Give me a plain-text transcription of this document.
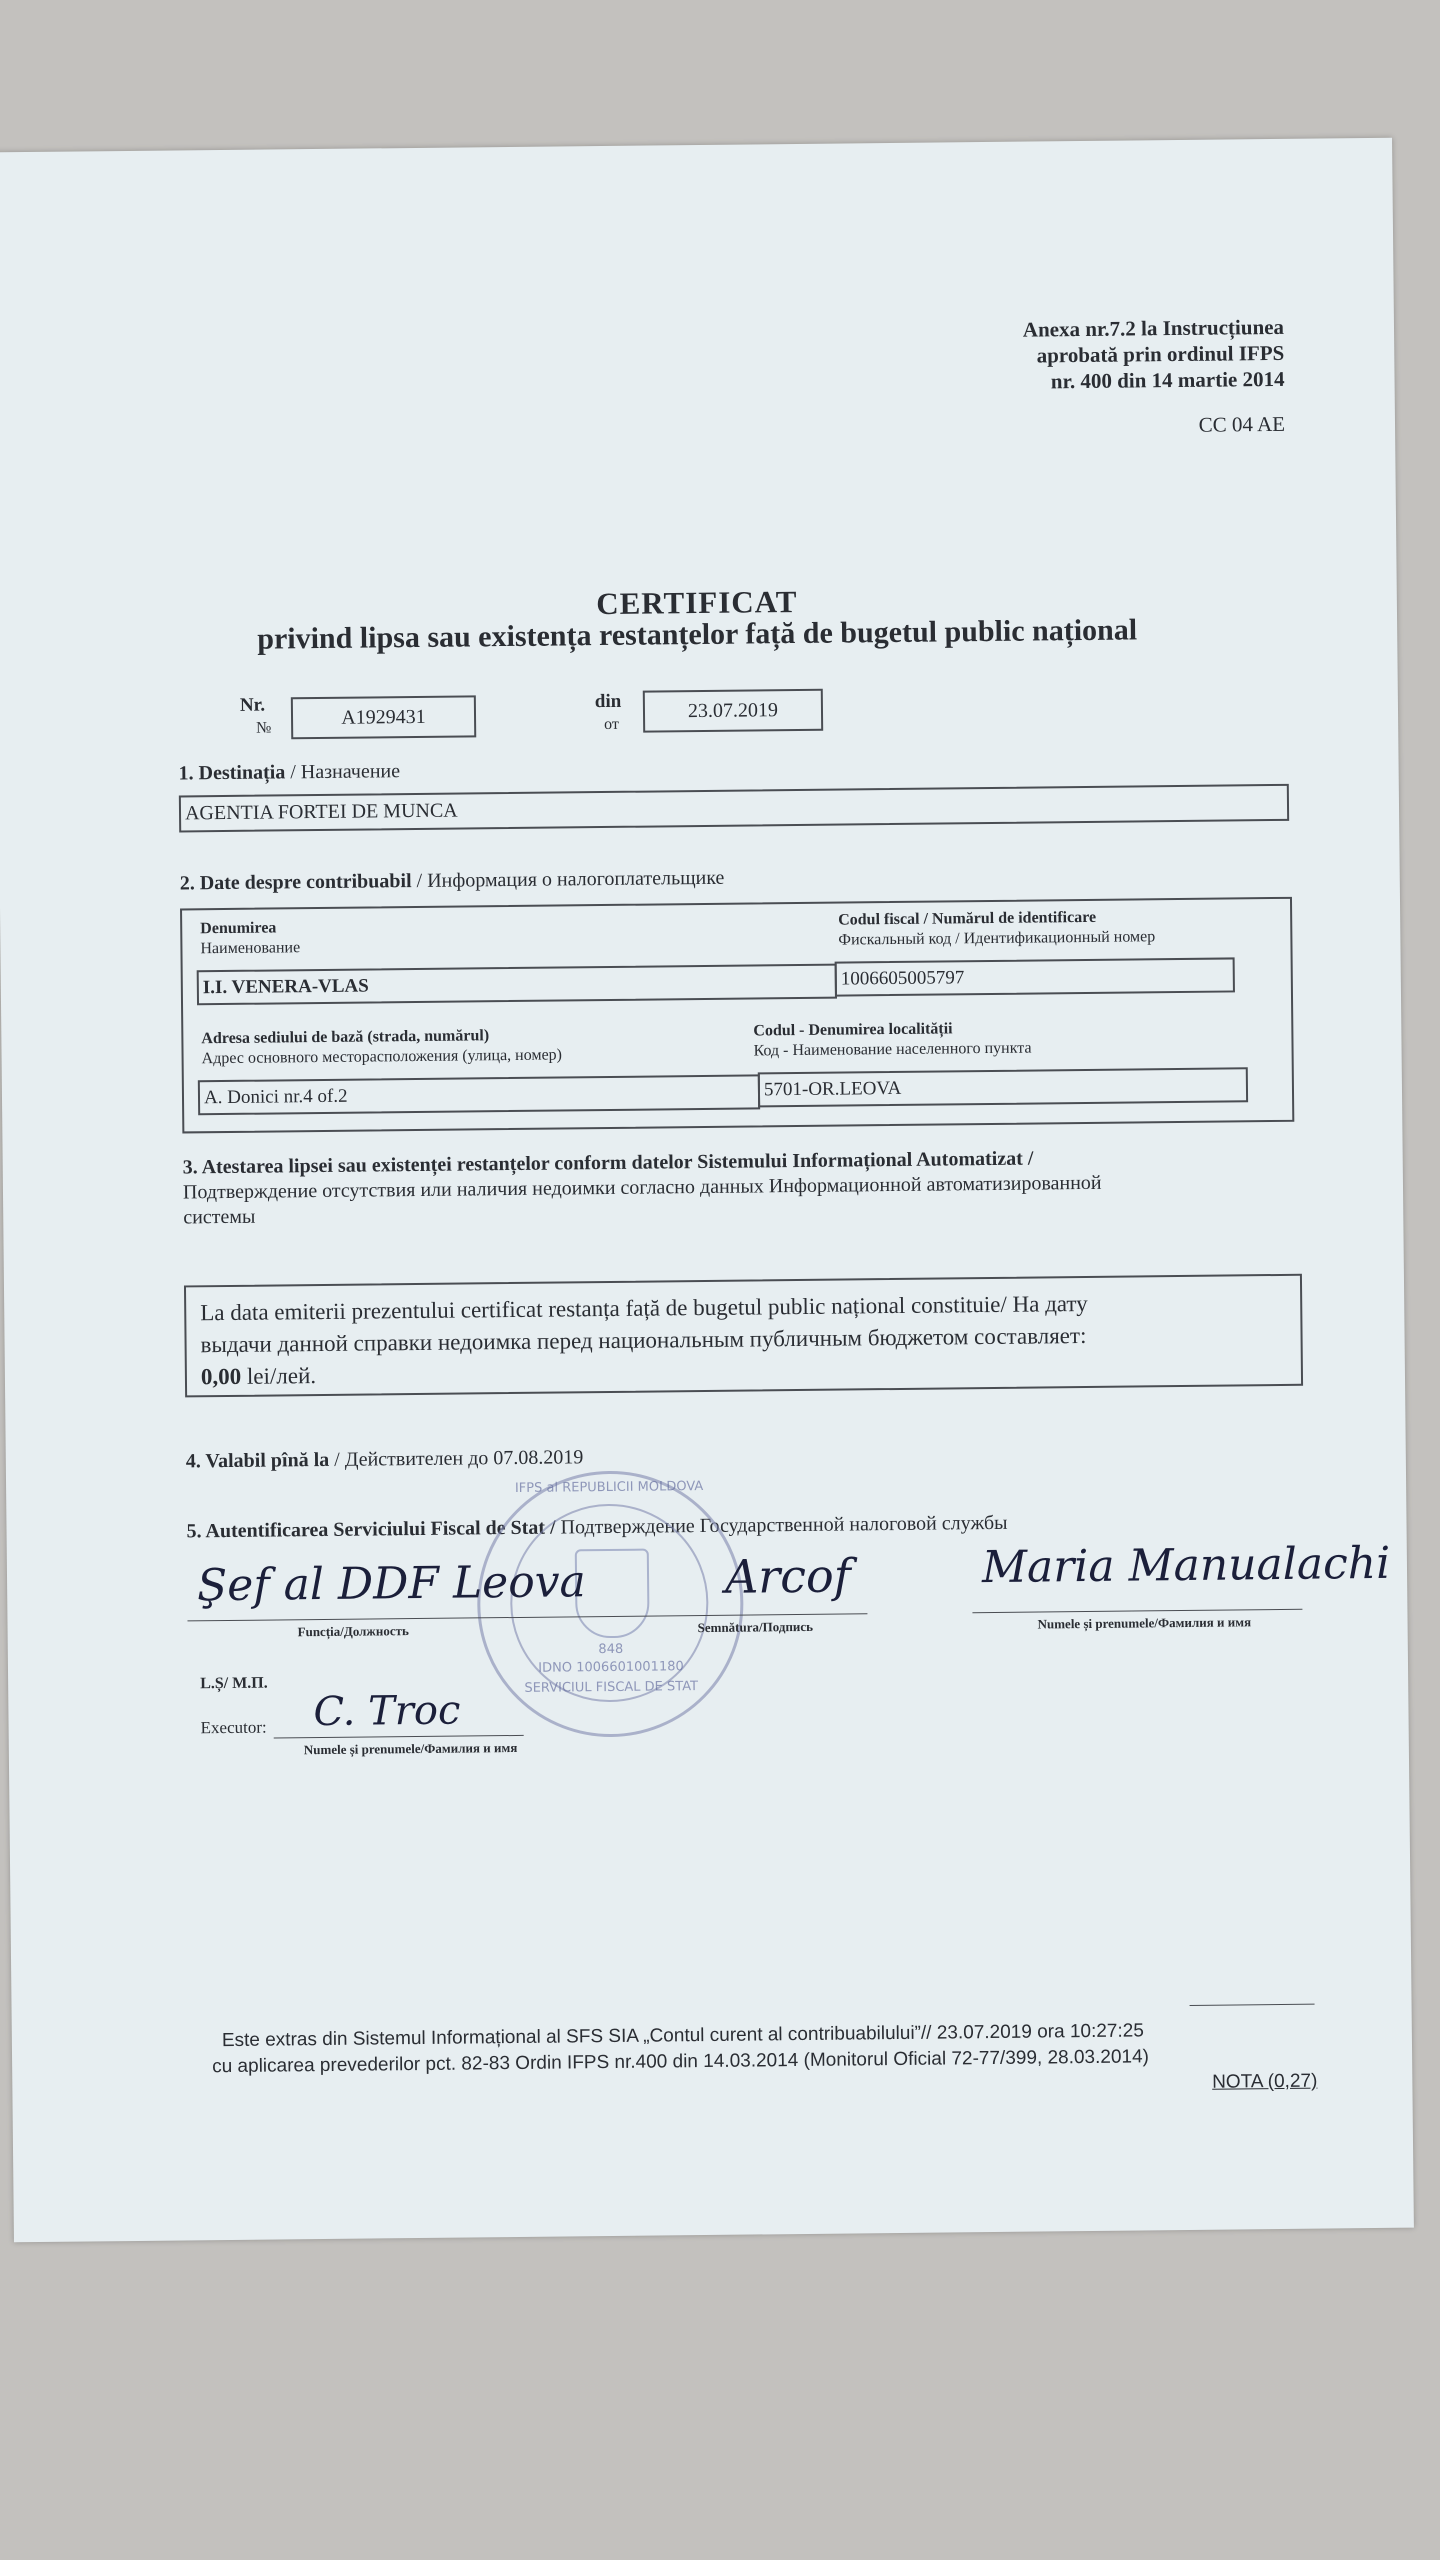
Anexa nr.7.2 la Instrucțiunea
aprobată prin ordinul IFPS
nr. 400 din 14 martie 2014
CC 04 AE
CERTIFICAT
privind lipsa sau existența restanțelor față de bugetul public național
Nr.
№	A1929431
din
от
23.07.2019
1. Destinația / Назначение
AGENTIA FORTEI DE MUNCA
2. Date despre contribuabil / Информация о налогоплательщике
Denumirea
Наименование
Codul fiscal / Numărul de identificare
Фискальный код / Идентификационный номер
I.I. VENERA-VLAS	1006605005797
Adresa sediului de bază (strada, numărul)
Адрес основного месторасположения (улица, номер)
Codul - Denumirea localității
Код - Наименование населенного пункта
A. Donici nr.4 of.2	5701-OR.LEOVA
3. Atestarea lipsei sau existenței restanțelor conform datelor Sistemului Informațional Automatizat /
Подтверждение отсутствия или наличия недоимки согласно данных Информационной автоматизированной
системы
La data emiterii prezentului certificat restanța față de bugetul public național constituie/ На дату
выдачи данной справки недоимка перед национальным публичным бюджетом составляет:
0,00 lei/лей.
4. Valabil pînă la / Действителен до 07.08.2019
5. Autentificarea Serviciului Fiscal de Stat / Подтверждение Государственной налоговой службы
IFPS al REPUBLICII MOLDOVA
848
IDNO 1006601001180
SERVICIUL FISCAL DE STAT
Şef al DDF Leova	Arcof	Maria Manualachi
Funcția/Должность	Semnătura/Подпись	Numele și prenumele/Фамилия и имя
L.Ș/ М.П.
Executor: C. Troc
Numele și prenumele/Фамилия и имя
Este extras din Sistemul Informațional al SFS SIA „Contul curent al contribuabilului”// 23.07.2019 ora 10:27:25
cu aplicarea prevederilor pct. 82-83 Ordin IFPS nr.400 din 14.03.2014 (Monitorul Oficial 72-77/399, 28.03.2014)
NOTA (0,27)
